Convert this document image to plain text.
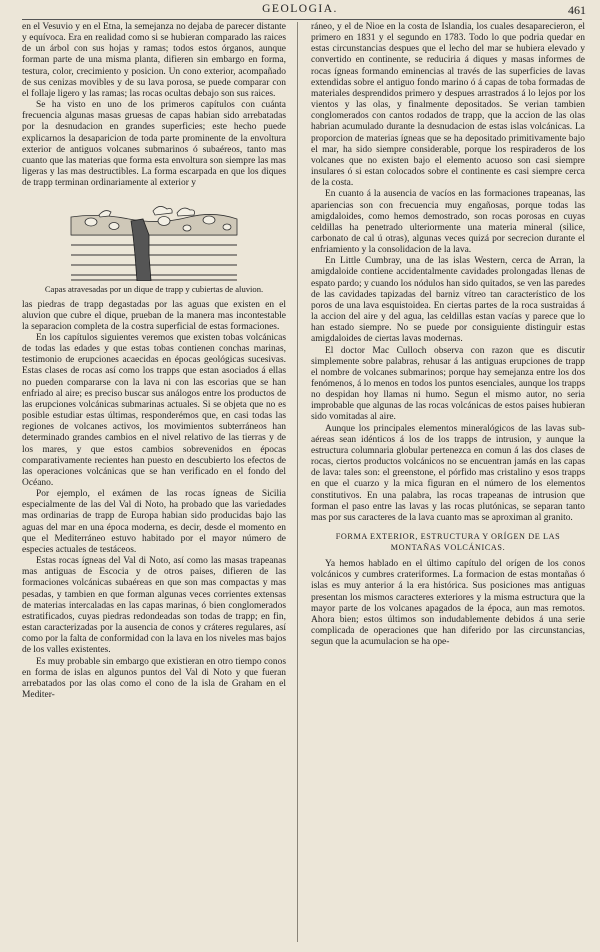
GEOLOGIA.	461

en el Vesuvio y en el Etna, la semejanza no dejaba de parecer distante y equívoca. Era en realidad como si se hubieran comparado las raices de un árbol con sus hojas y ramas; todos estos órganos, aunque forman parte de una misma planta, difieren sin embargo en forma, testura, color, crecimiento y posicion. Un cono exterior, acompañado de sus cenizas movibles y de su lava porosa, se puede comparar con el follaje ligero y las ramas; las rocas ocultas debajo son sus raices.

Se ha visto en uno de los primeros capítulos con cuánta frecuencia algunas masas gruesas de capas habian sido arrebatadas por la desnudacion en grandes superficies; este hecho puede explicarnos la desaparicion de toda parte prominente de la envoltura exterior de antiguos volcanes submarinos ó subaéreos, tanto mas cuanto que las materias que forma esta envoltura son siempre las mas ligeras y las mas destructibles. La forma escarpada en que los diques de trapp terminan ordinariamente al exterior y

Capas atravesadas por un dique de trapp y cubiertas de aluvion.

las piedras de trapp degastadas por las aguas que existen en el aluvion que cubre el dique, prueban de la manera mas incontestable la separacion completa de la costra superficial de estas formaciones.

En los capítulos siguientes veremos que existen tobas volcánicas de todas las edades y que estas tobas contienen conchas marinas, testimonio de erupciones acaecidas en épocas geológicas sucesivas. Estas clases de rocas así como los trapps que estan asociados á ellas no pueden compararse con la lava ni con las escorias que se han enfriado al aire; es preciso buscar sus análogos entre los productos de las erupciones volcánicas submarinas actuales. Si se objeta que no es posible estudiar estas últimas, responderémos que, en casi todas las regiones de volcanes activos, los movimientos subterráneos han determinado grandes cambios en el nivel relativo de las tierras y de los mares, y que estos cambios sobrevenidos en épocas comparativamente recientes han puesto en descubierto los efectos de las operaciones volcánicas que se han verificado en el fondo del Océano.

Por ejemplo, el exámen de las rocas ígneas de Sicilia especialmente de las del Val di Noto, ha probado que las variedades mas ordinarias de trapp de Europa habian sido producidas bajo las aguas del mar en una época moderna, es decir, desde el momento en que el Mediterráneo estuvo habitado por el mayor número de especies actuales de testáceos.

Estas rocas ígneas del Val di Noto, así como las masas trapeanas mas antiguas de Escocia y de otros paises, difieren de las formaciones volcánicas subaéreas en que son mas compactas y mas pesadas, y tambien en que forman algunas veces corrientes extensas de materias intercaladas en las capas marinas, ó bien conglomerados estratificados, cuyas piedras redondeadas son todas de trapp; en fin, estan caracterizadas por la ausencia de conos y cráteres regulares, así como por la falta de conformidad con la lava en los niveles mas bajos de los valles existentes.

Es muy probable sin embargo que existieran en otro tiempo conos en forma de islas en algunos puntos del Val di Noto y que fueran arrebatados por las olas como el cono de la isla de Graham en el Mediter-

ráneo, y el de Nioe en la costa de Islandia, los cuales desaparecieron, el primero en 1831 y el segundo en 1783. Todo lo que podria quedar en estas circunstancias despues que el lecho del mar se hubiera elevado y convertido en continente, se reduciria á diques y masas informes de rocas ígneas formando eminencias al través de las superficies de lavas extendidas sobre el antiguo fondo marino ó á capas de toba formadas de materiales desprendidos primero y despues arrastrados á lo lejos por los vientos y las olas, y finalmente depositados. Se verian tambien conglomerados con cantos rodados de trapp, que la accion de las olas habrian acumulado durante la desnudacion de estas islas volcánicas. La proporcion de materias ígneas que se ha depositado primitivamente bajo el mar, ha sido siempre considerable, porque los respiraderos de los volcanes que no existen bajo el elemento acuoso son casi siempre insulares ó si estan colocados sobre el continente es casi siempre cerca de la costa.

En cuanto á la ausencia de vacíos en las formaciones trapeanas, las apariencias son con frecuencia muy engañosas, porque todas las amigdaloides, como hemos demostrado, son rocas porosas en cuyas celdillas ha penetrado ulteriormente una materia mineral (silice, carbonato de cal ú otras), algunas veces quizá por secrecion durante el enfriamiento y la consolidacion de la lava.

En Little Cumbray, una de las islas Western, cerca de Arran, la amigdaloide contiene accidentalmente cavidades prolongadas llenas de espato pardo; y cuando los nódulos han sido quitados, se ven las paredes de las cavidades tapizadas del barniz vítreo tan característico de los poros de una lava esquistoidea. En ciertas partes de la roca sustraidas á la accion del aire y del agua, las celdillas estan vacías y parece que lo han estado siempre. No se puede por consiguiente distinguir estas amigdaloides de ciertas lavas modernas.

El doctor Mac Culloch observa con razon que es discutir simplemente sobre palabras, rehusar á las antiguas erupciones de trapp el nombre de volcanes submarinos; porque hay semejanza entre los dos fenómenos, á lo menos en todos los puntos esenciales, aunque los trapps no despidan hoy llamas ni humo. Segun el mismo autor, no seria improbable que algunas de las rocas volcánicas de estos paises hubieran sido vomitadas al aire.

Aunque los principales elementos mineralógicos de las lavas sub-aéreas sean idénticos á los de los trapps de intrusion, y aunque la estructura columnaria globular pertenezca en comun á las dos clases de rocas, ciertos productos volcánicos no se encuentran jamás en las capas de lava: tales son: el greenstone, el pórfido mas cristalino y esos trapps en que el cuarzo y la mica figuran en el número de los elementos constitutivos. En una palabra, las rocas trapeanas de intrusion que forman el paso entre las lavas y las rocas plutónicas, se separan tanto mas por sus caracteres de la lava cuanto mas se aproximan al granito.

FORMA EXTERIOR, ESTRUCTURA Y ORÍGEN DE LAS MONTAÑAS VOLCÁNICAS.

Ya hemos hablado en el último capítulo del orígen de los conos volcánicos y cumbres crateriformes. La formacion de estas montañas ó islas es muy anterior á la era histórica. Sus posiciones mas antiguas presentan los mismos caracteres exteriores y la misma estructura que la mayor parte de los volcanes apagados de la época, aun mas remotos. Ahora bien; estos últimos son indudablemente debidos á una serie complicada de operaciones que han diferido por las circunstancias, segun que la acumulacion se ha ope-
